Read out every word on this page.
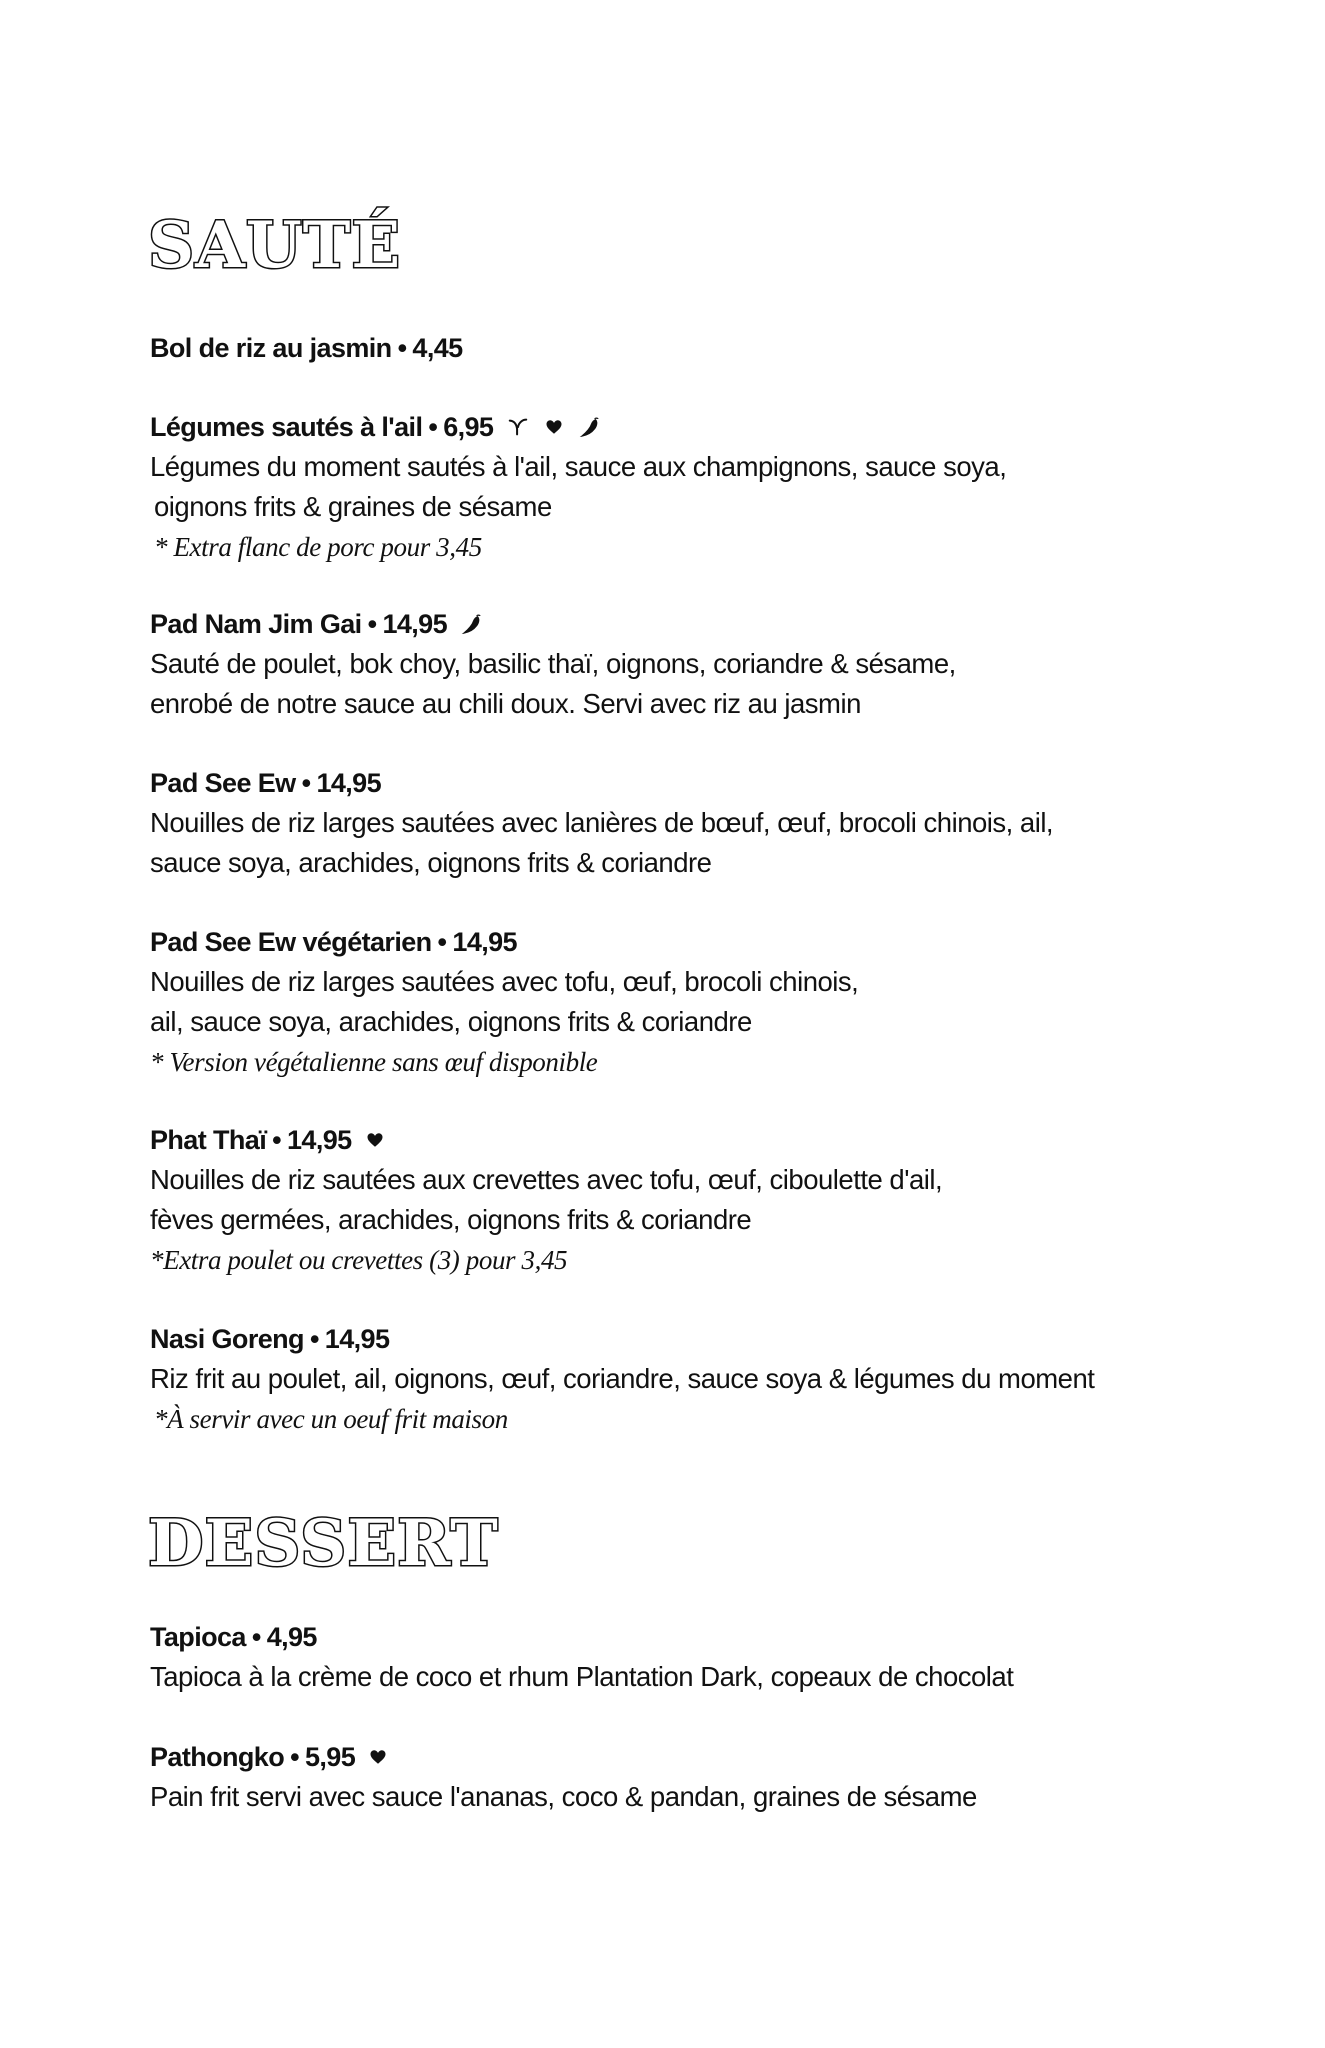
SAUTÉ
Bol de riz au jasmin • 4,45
Légumes sautés à l'ail • 6,95
Légumes du moment sautés à l'ail, sauce aux champignons, sauce soya,
oignons frits & graines de sésame
* Extra flanc de porc pour 3,45
Pad Nam Jim Gai • 14,95
Sauté de poulet, bok choy, basilic thaï, oignons, coriandre & sésame,
enrobé de notre sauce au chili doux. Servi avec riz au jasmin
Pad See Ew • 14,95
Nouilles de riz larges sautées avec lanières de bœuf, œuf, brocoli chinois, ail,
sauce soya, arachides, oignons frits & coriandre
Pad See Ew végétarien • 14,95
Nouilles de riz larges sautées avec tofu, œuf, brocoli chinois,
ail, sauce soya, arachides, oignons frits & coriandre
* Version végétalienne sans œuf disponible
Phat Thaï • 14,95
Nouilles de riz sautées aux crevettes avec tofu, œuf, ciboulette d'ail,
fèves germées, arachides, oignons frits & coriandre
*Extra poulet ou crevettes (3) pour 3,45
Nasi Goreng • 14,95
Riz frit au poulet, ail, oignons, œuf, coriandre, sauce soya & légumes du moment
*À servir avec un oeuf frit maison
DESSERT
Tapioca • 4,95
Tapioca à la crème de coco et rhum Plantation Dark, copeaux de chocolat
Pathongko • 5,95
Pain frit servi avec sauce l'ananas, coco & pandan, graines de sésame
